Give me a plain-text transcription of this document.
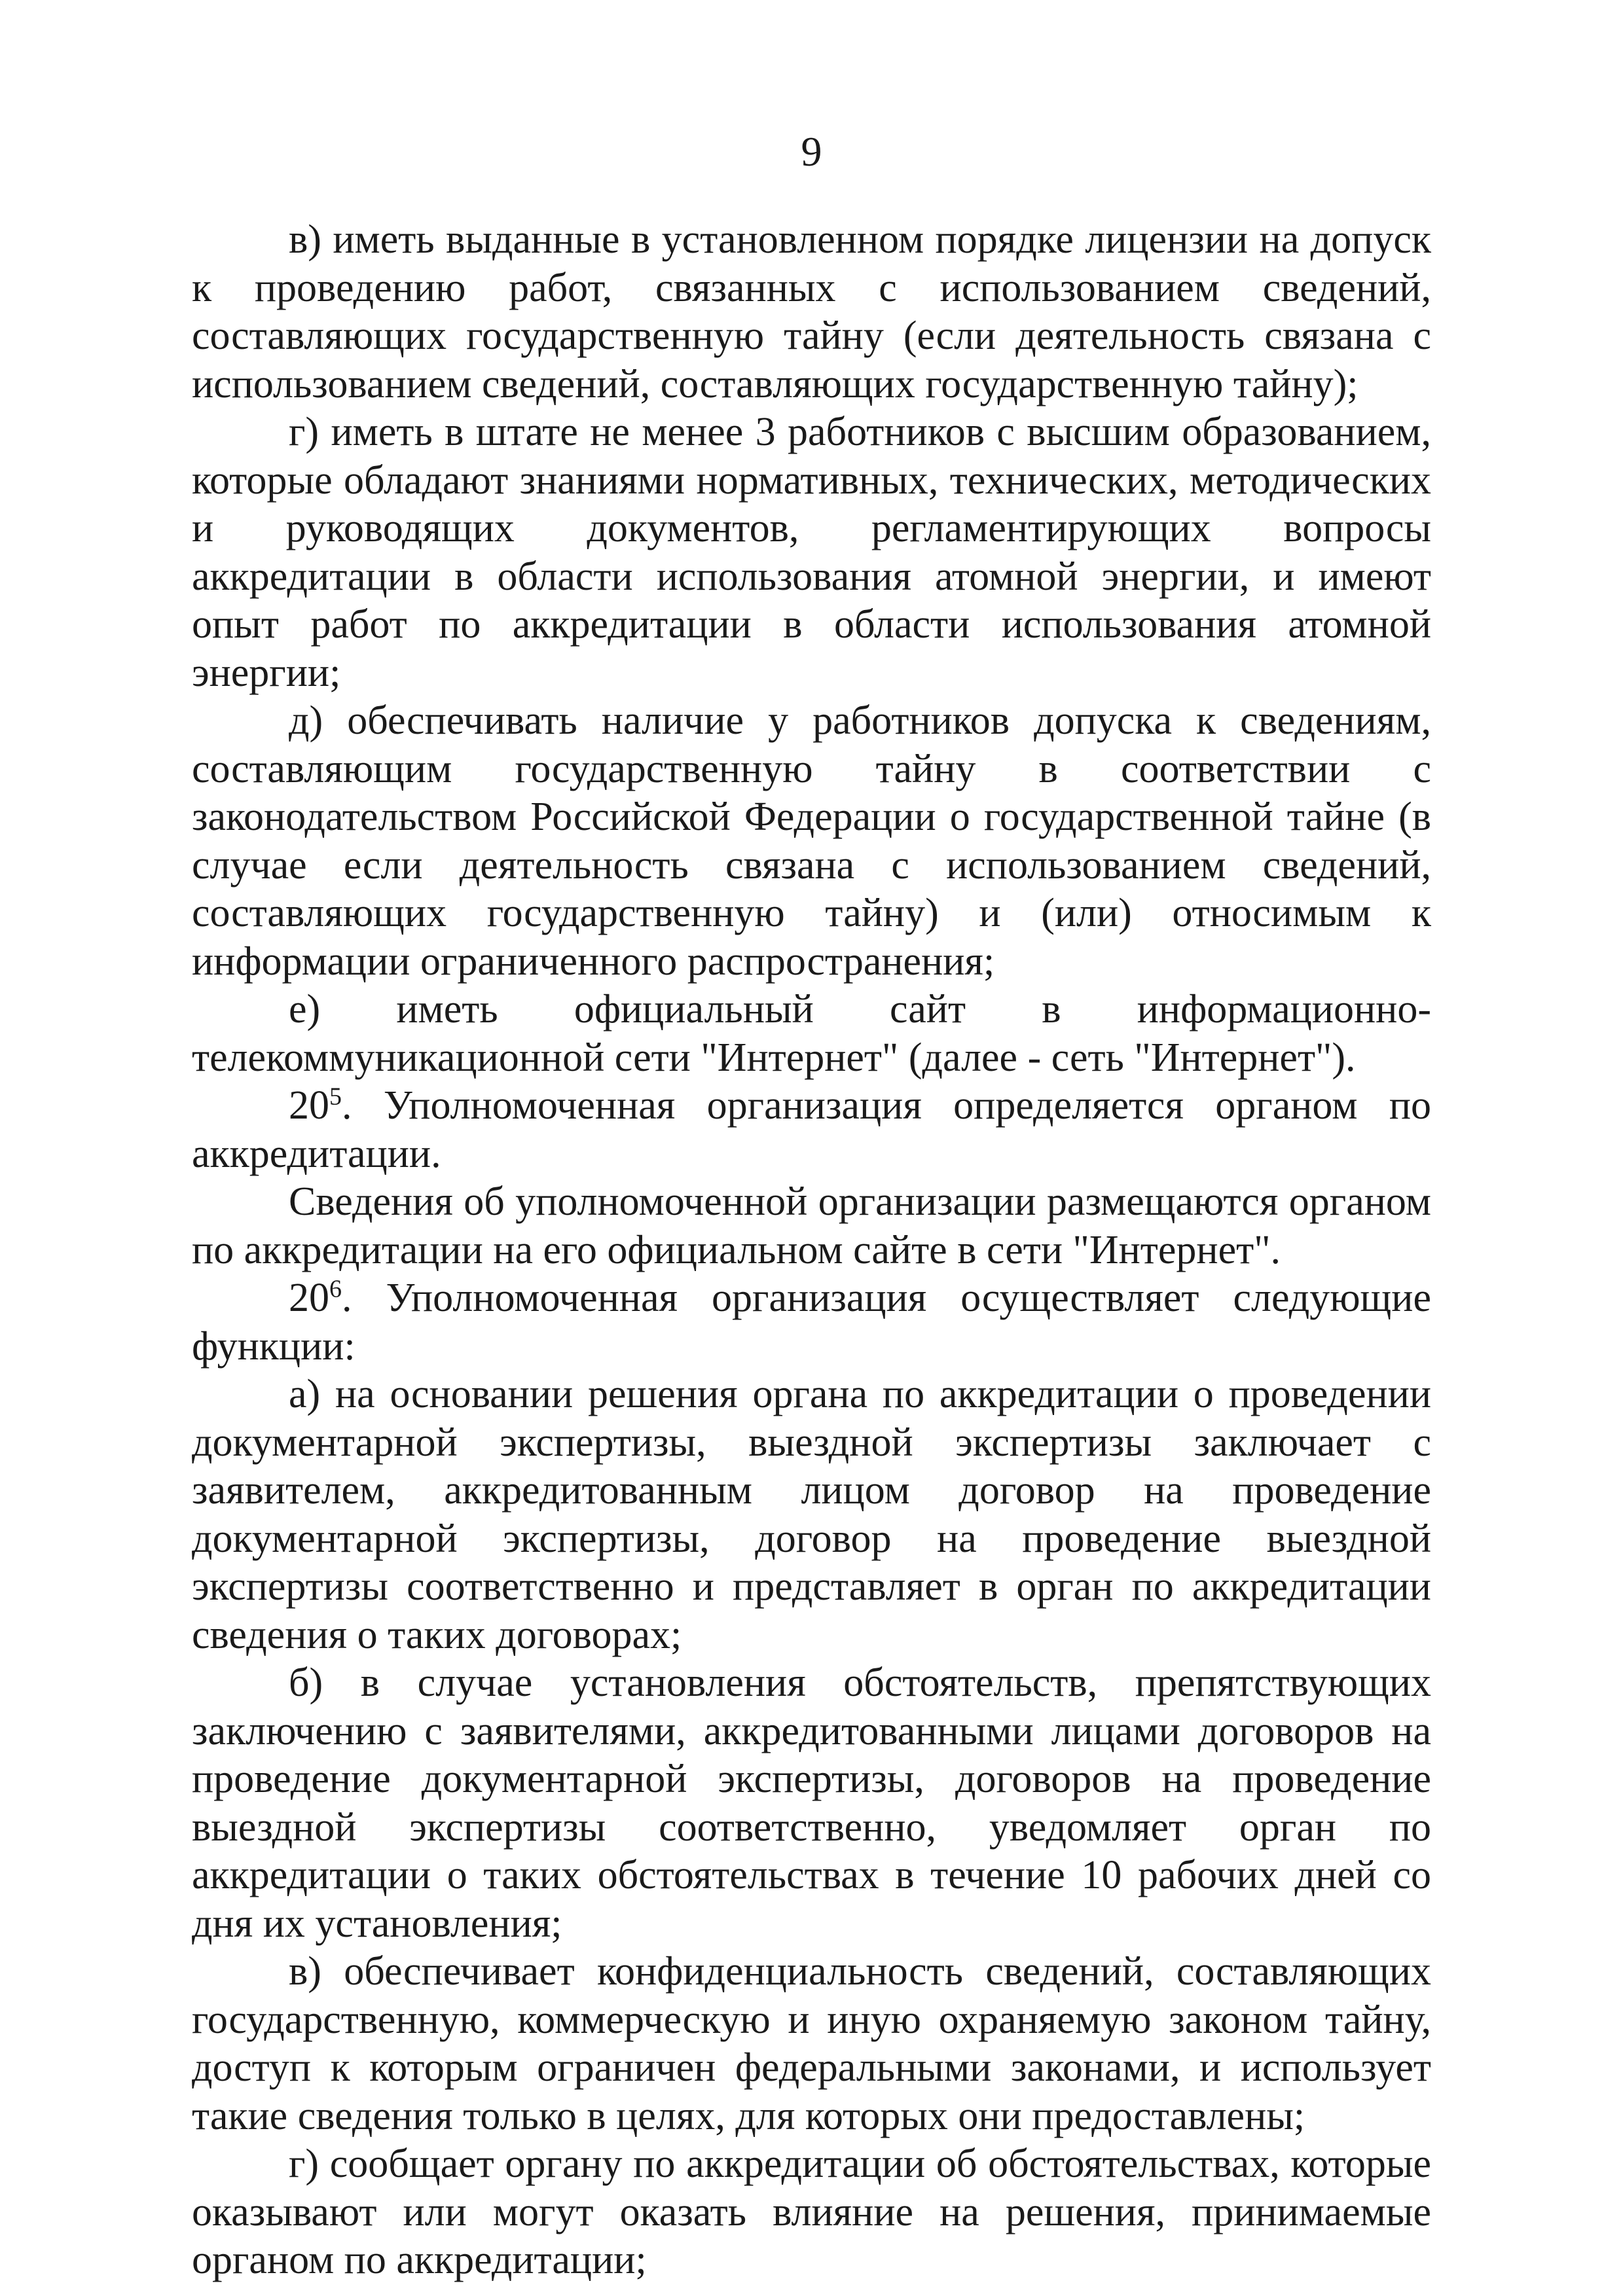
9

в) иметь выданные в установленном порядке лицензии на допуск к проведению работ, связанных с использованием сведений, составляющих государственную тайну (если деятельность связана с использованием сведений, составляющих государственную тайну);

г) иметь в штате не менее 3 работников с высшим образованием, которые обладают знаниями нормативных, технических, методических и руководящих документов, регламентирующих вопросы аккредитации в области использования атомной энергии, и имеют опыт работ по аккредитации в области использования атомной энергии;

д) обеспечивать наличие у работников допуска к сведениям, составляющим государственную тайну в соответствии с законодательством Российской Федерации о государственной тайне (в случае если деятельность связана с использованием сведений, составляющих государственную тайну) и (или) относимым к информации ограниченного распространения;

е) иметь официальный сайт в информационно-телекоммуникационной сети "Интернет" (далее - сеть "Интернет").

$20^5$. Уполномоченная организация определяется органом по аккредитации.

Сведения об уполномоченной организации размещаются органом по аккредитации на его официальном сайте в сети "Интернет".

$20^6$. Уполномоченная организация осуществляет следующие функции:

а) на основании решения органа по аккредитации о проведении документарной экспертизы, выездной экспертизы заключает с заявителем, аккредитованным лицом договор на проведение документарной экспертизы, договор на проведение выездной экспертизы соответственно и представляет в орган по аккредитации сведения о таких договорах;

б) в случае установления обстоятельств, препятствующих заключению с заявителями, аккредитованными лицами договоров на проведение документарной экспертизы, договоров на проведение выездной экспертизы соответственно, уведомляет орган по аккредитации о таких обстоятельствах в течение 10 рабочих дней со дня их установления;

в) обеспечивает конфиденциальность сведений, составляющих государственную, коммерческую и иную охраняемую законом тайну, доступ к которым ограничен федеральными законами, и использует такие сведения только в целях, для которых они предоставлены;

г) сообщает органу по аккредитации об обстоятельствах, которые оказывают или могут оказать влияние на решения, принимаемые органом по аккредитации;
